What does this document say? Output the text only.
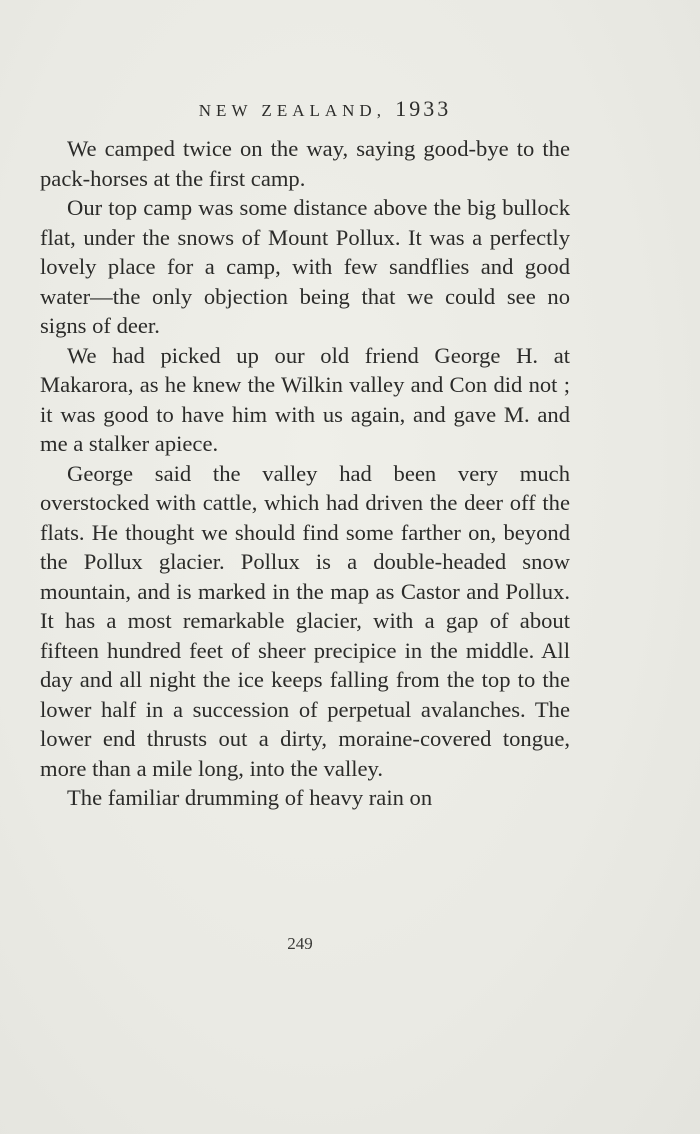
NEW ZEALAND, 1933

We camped twice on the way, saying good-bye to the pack-horses at the first camp.

Our top camp was some distance above the big bullock flat, under the snows of Mount Pollux. It was a perfectly lovely place for a camp, with few sandflies and good water—the only objection being that we could see no signs of deer.

We had picked up our old friend George H. at Makarora, as he knew the Wilkin valley and Con did not ; it was good to have him with us again, and gave M. and me a stalker apiece.

George said the valley had been very much overstocked with cattle, which had driven the deer off the flats. He thought we should find some farther on, beyond the Pollux glacier. Pollux is a double-headed snow mountain, and is marked in the map as Castor and Pollux. It has a most remarkable glacier, with a gap of about fifteen hundred feet of sheer precipice in the middle. All day and all night the ice keeps falling from the top to the lower half in a succession of perpetual avalanches. The lower end thrusts out a dirty, moraine-covered tongue, more than a mile long, into the valley.

The familiar drumming of heavy rain on

249
